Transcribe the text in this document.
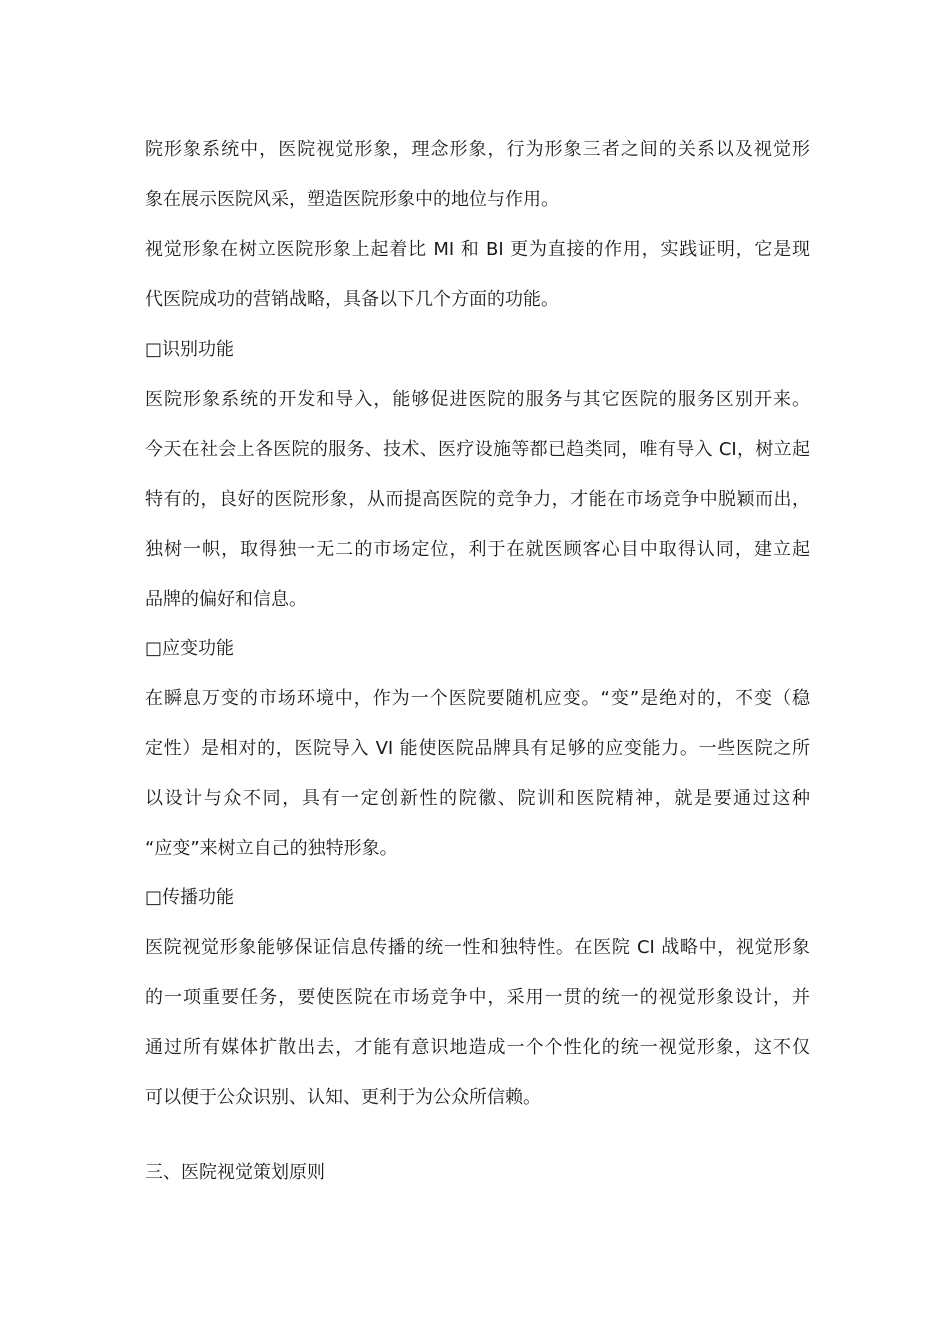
院形象系统中，医院视觉形象，理念形象，行为形象三者之间的关系以及视觉形
象在展示医院风采，塑造医院形象中的地位与作用。
视觉形象在树立医院形象上起着比 MI 和 BI 更为直接的作用，实践证明，它是现
代医院成功的营销战略，具备以下几个方面的功能。
□识别功能
医院形象系统的开发和导入，能够促进医院的服务与其它医院的服务区别开来。
今天在社会上各医院的服务、技术、医疗设施等都已趋类同，唯有导入 CI，树立起
特有的，良好的医院形象，从而提高医院的竞争力，才能在市场竞争中脱颖而出，
独树一帜，取得独一无二的市场定位，利于在就医顾客心目中取得认同，建立起
品牌的偏好和信息。
□应变功能
在瞬息万变的市场环境中，作为一个医院要随机应变。“变”是绝对的，不变（稳
定性）是相对的，医院导入 VI 能使医院品牌具有足够的应变能力。一些医院之所
以设计与众不同，具有一定创新性的院徽、院训和医院精神，就是要通过这种
“应变”来树立自己的独特形象。
□传播功能
医院视觉形象能够保证信息传播的统一性和独特性。在医院 CI 战略中，视觉形象
的一项重要任务，要使医院在市场竞争中，采用一贯的统一的视觉形象设计，并
通过所有媒体扩散出去，才能有意识地造成一个个性化的统一视觉形象，这不仅
可以便于公众识别、认知、更利于为公众所信赖。
三、医院视觉策划原则
